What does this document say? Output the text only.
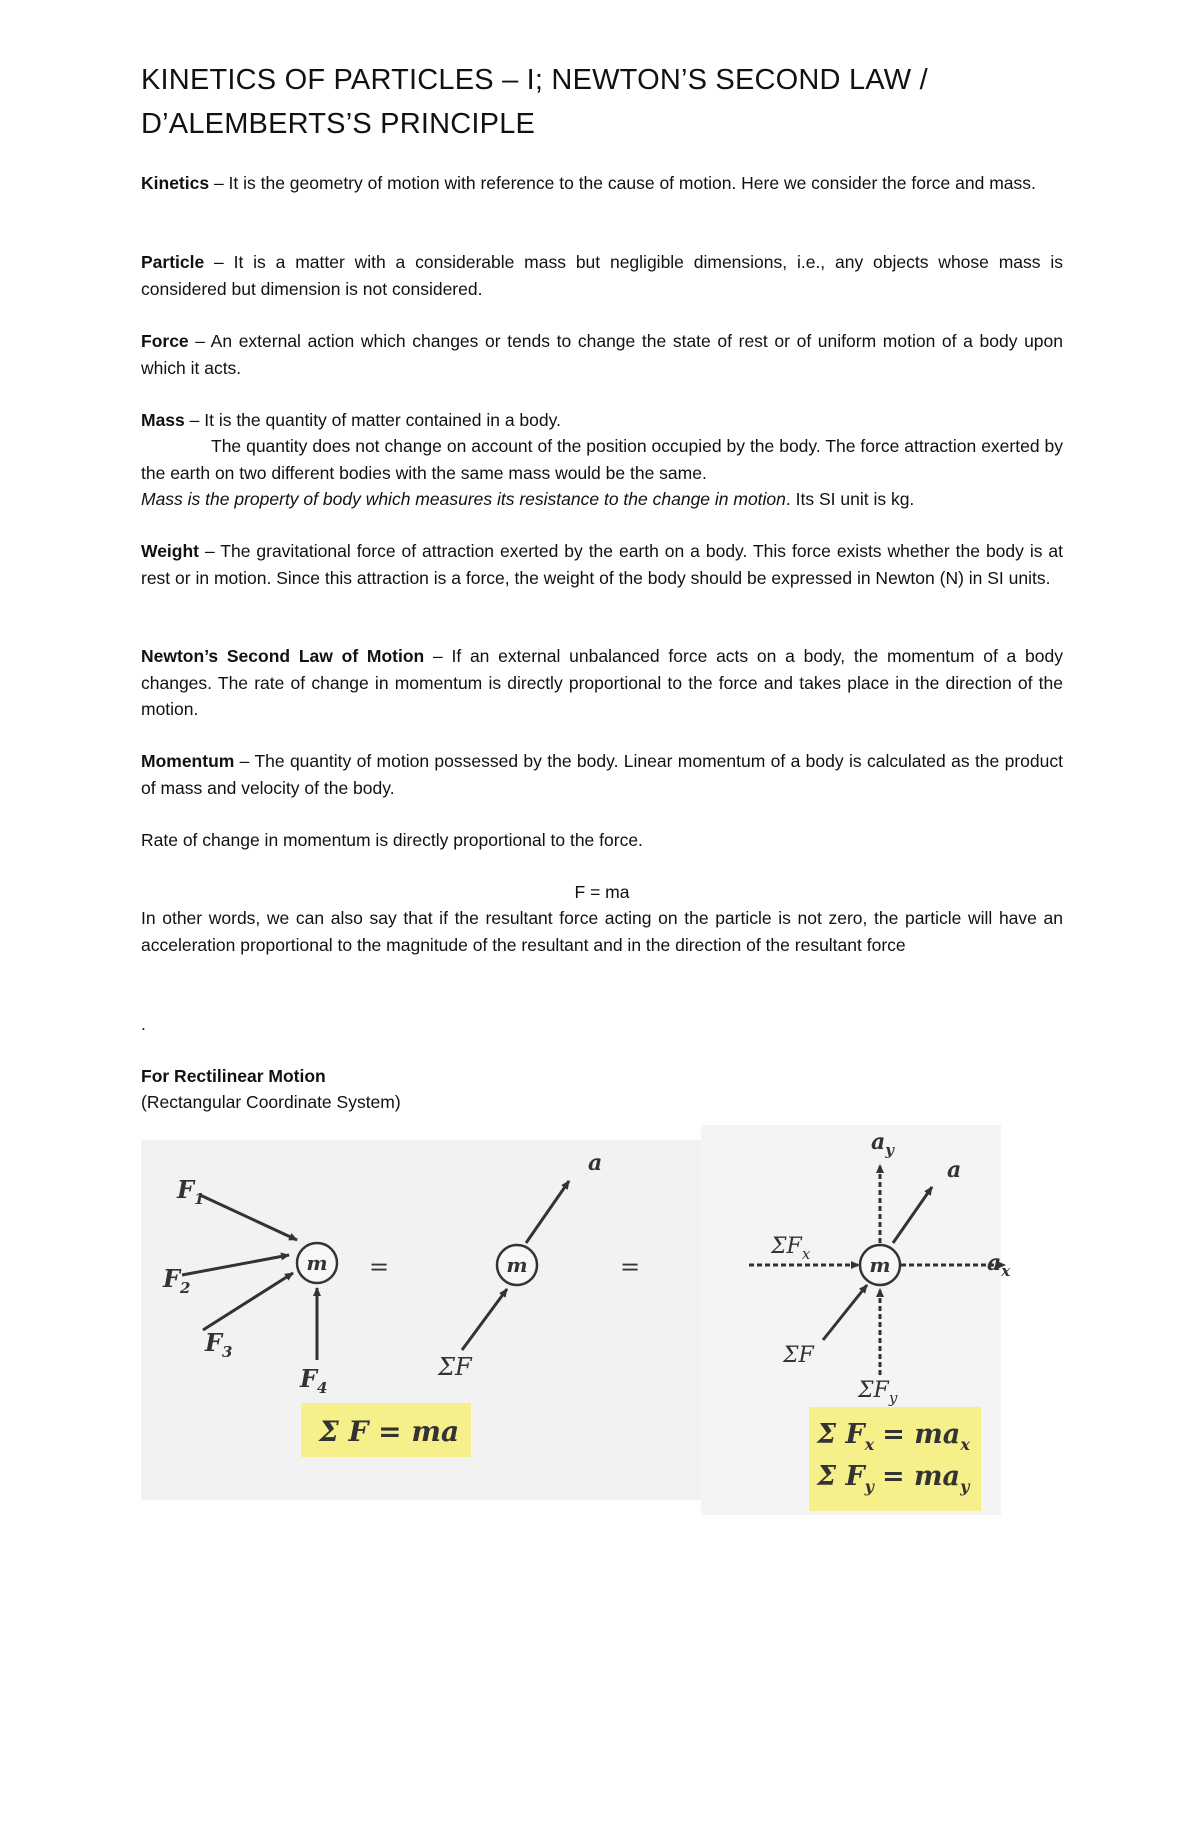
KINETICS OF PARTICLES – I; NEWTON’S SECOND LAW /
D’ALEMBERTS’S PRINCIPLE

Kinetics – It is the geometry of motion with reference to the cause of motion. Here we consider the force and mass.

Particle – It is a matter with a considerable mass but negligible dimensions, i.e., any objects whose mass is considered but dimension is not considered.

Force – An external action which changes or tends to change the state of rest or of uniform motion of a body upon which it acts.

Mass – It is the quantity of matter contained in a body.

The quantity does not change on account of the position occupied by the body. The force attraction exerted by the earth on two different bodies with the same mass would be the same.

Mass is the property of body which measures its resistance to the change in motion. Its SI unit is kg.

Weight – The gravitational force of attraction exerted by the earth on a body. This force exists whether the body is at rest or in motion. Since this attraction is a force, the weight of the body should be expressed in Newton (N) in SI units.

Newton’s Second Law of Motion – If an external unbalanced force acts on a body, the momentum of a body changes. The rate of change in momentum is directly proportional to the force and takes place in the direction of the motion.

Momentum – The quantity of motion possessed by the body. Linear momentum of a body is calculated as the product of mass and velocity of the body.

Rate of change in momentum is directly proportional to the force.

F = ma

In other words, we can also say that if the resultant force acting on the particle is not zero, the particle will have an acceleration proportional to the magnitude of the resultant and in the direction of the resultant force

.

For Rectilinear Motion

(Rectangular Coordinate System)

m
$F_1$
$F_2$
$F_3$
$F_4$
=	m
a
ΣF
=
Σ F = ma
m
$a_y$
a
$a_x$
$\Sigma F_x$
ΣF
$\Sigma F_y$
Σ $F_x = ma_x$
Σ $F_y = ma_y$
